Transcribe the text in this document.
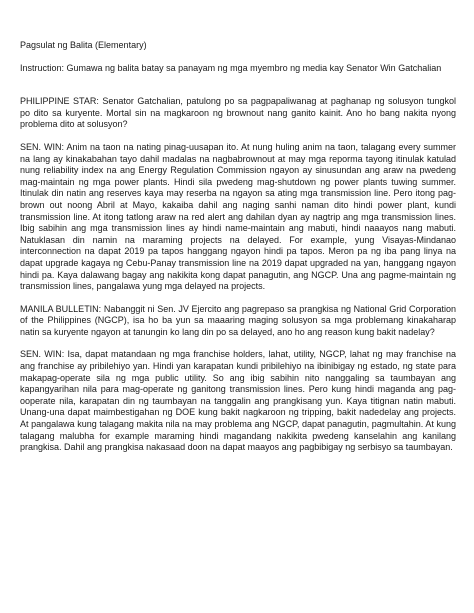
Pagsulat ng Balita (Elementary)
Instruction: Gumawa ng balita batay sa panayam ng mga myembro ng media kay Senator Win Gatchalian

PHILIPPINE STAR: Senator Gatchalian, patulong po sa pagpapaliwanag at paghanap ng solusyon tungkol po dito sa kuryente. Mortal sin na magkaroon ng brownout nang ganito kainit. Ano ho bang nakita nyong problema dito at solusyon?

SEN. WIN: Anim na taon na nating pinag-uusapan ito. At nung huling anim na taon, talagang every summer na lang ay kinakabahan tayo dahil madalas na nagbabrownout at may mga reporma tayong itinulak katulad nung reliability index na ang Energy Regulation Commission ngayon ay sinusundan ang araw na pwedeng mag-maintain ng mga power plants. Hindi sila pwedeng mag-shutdown ng power plants tuwing summer. Itinulak din natin ang reserves kaya may reserba na ngayon sa ating mga transmission line. Pero itong pag-brown out noong Abril at Mayo, kakaiba dahil ang naging sanhi naman dito hindi power plant, kundi transmission line. At itong tatlong araw na red alert ang dahilan dyan ay nagtrip ang mga transmission lines. Ibig sabihin ang mga transmission lines ay hindi name-maintain ang mabuti, hindi naaayos nang mabuti. Natuklasan din namin na maraming projects na delayed. For example, yung Visayas-Mindanao interconnection na dapat 2019 pa tapos hanggang ngayon hindi pa tapos. Meron pa ng iba pang linya na dapat upgrade kagaya ng Cebu-Panay transmission line na 2019 dapat upgraded na yan, hanggang ngayon hindi pa. Kaya dalawang bagay ang nakikita kong dapat panagutin, ang NGCP. Una ang pagme-maintain ng transmission lines, pangalawa yung mga delayed na projects.

MANILA BULLETIN: Nabanggit ni Sen. JV Ejercito ang pagrepaso sa prangkisa ng National Grid Corporation of the Philippines (NGCP), isa ho ba yun sa maaaring maging solusyon sa mga problemang kinakaharap natin sa kuryente ngayon at tanungin ko lang din po sa delayed, ano ho ang reason kung bakit nadelay?

SEN. WIN: Isa, dapat matandaan ng mga franchise holders, lahat, utility, NGCP, lahat ng may franchise na ang franchise ay pribilehiyo yan. Hindi yan karapatan kundi pribilehiyo na ibinibigay ng estado, ng state para makapag-operate sila ng mga public utility. So ang ibig sabihin nito nanggaling sa taumbayan ang kapangyarihan nila para mag-operate ng ganitong transmission lines. Pero kung hindi maganda ang pag-ooperate nila, karapatan din ng taumbayan na tanggalin ang prangkisang yun. Kaya titignan natin mabuti. Unang-una dapat maimbestigahan ng DOE kung bakit nagkaroon ng tripping, bakit nadedelay ang projects. At pangalawa kung talagang makita nila na may problema ang NGCP, dapat panagutin, pagmultahin. At kung talagang malubha for example maraming hindi magandang nakikita pwedeng kanselahin ang kanilang prangkisa. Dahil ang prangkisa nakasaad doon na dapat maayos ang pagbibigay ng serbisyo sa taumbayan.
